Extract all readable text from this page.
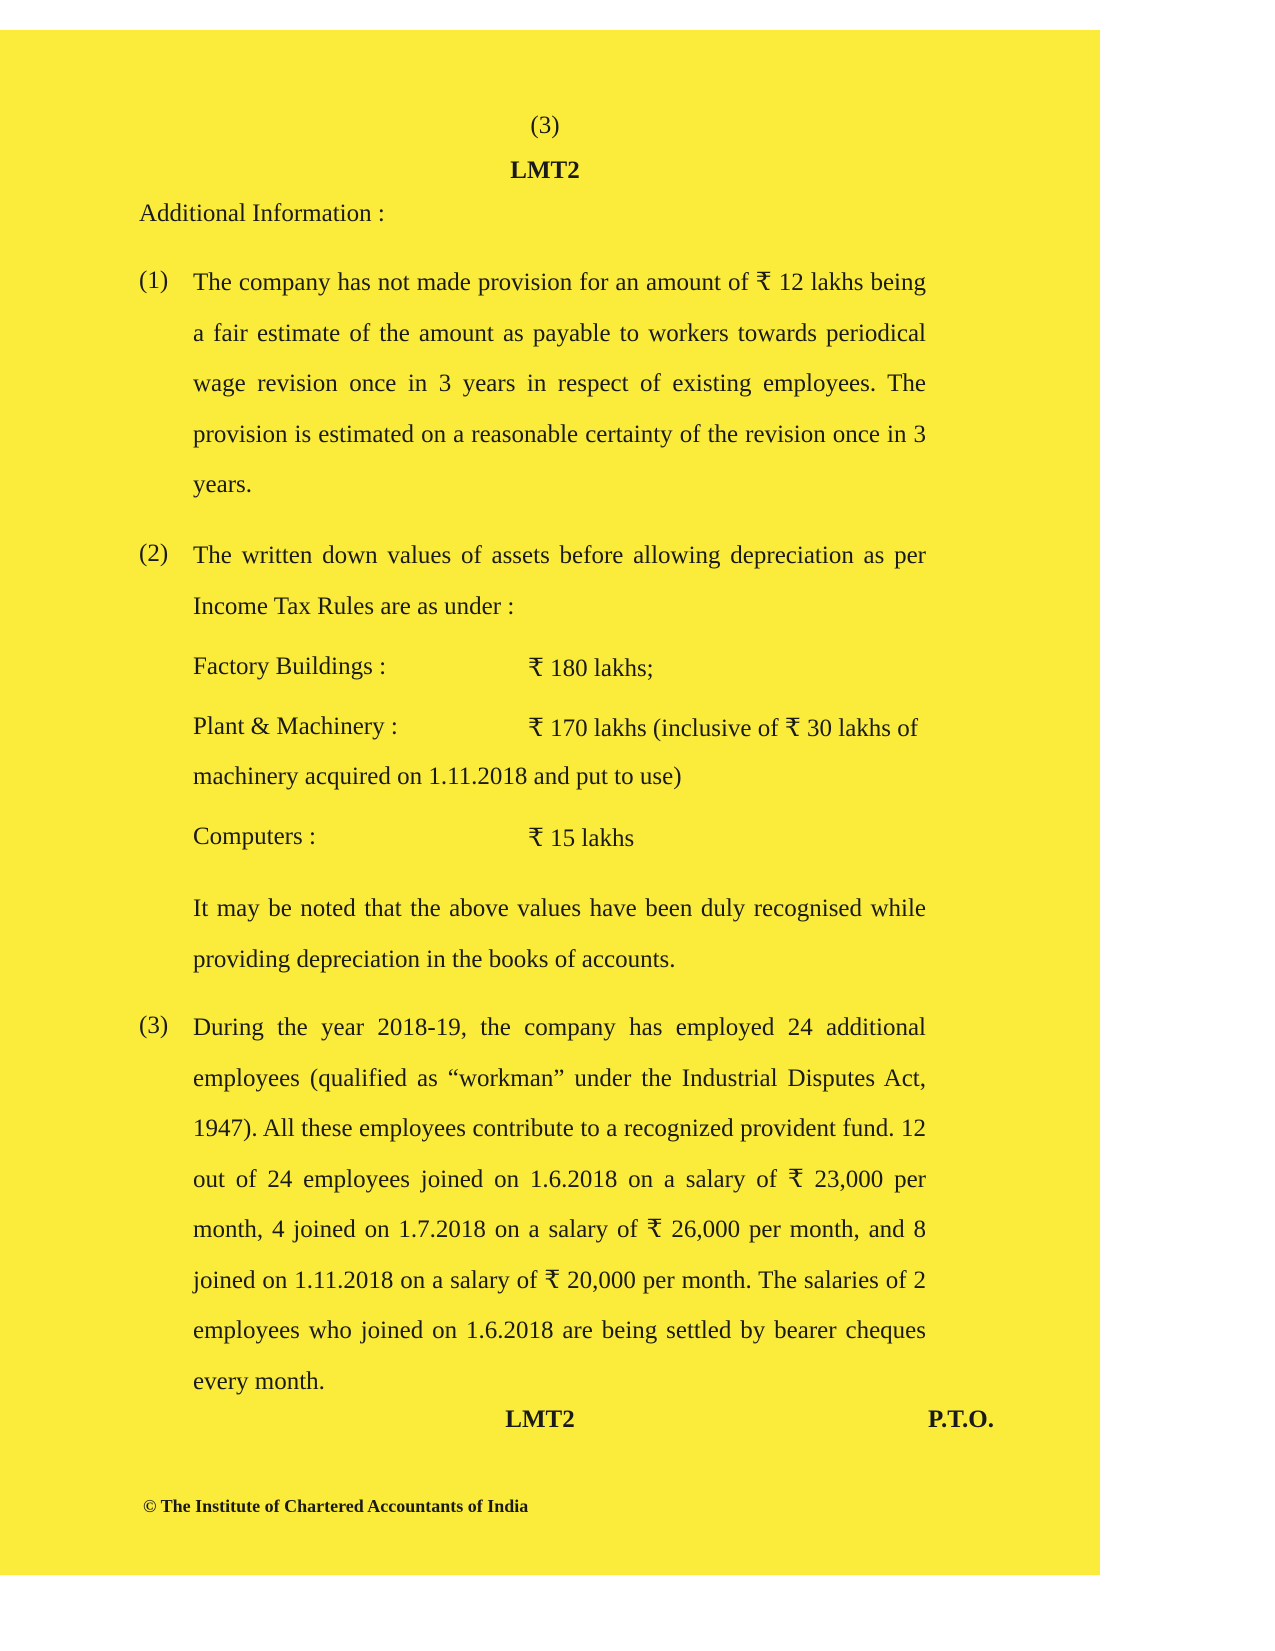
(3)
LMT2
Additional Information :
(1) The company has not made provision for an amount of ₹ 12 lakhs being a fair estimate of the amount as payable to workers towards periodical wage revision once in 3 years in respect of existing employees. The provision is estimated on a reasonable certainty of the revision once in 3 years.
(2) The written down values of assets before allowing depreciation as per Income Tax Rules are as under :
Factory Buildings :	₹ 180 lakhs;
Plant & Machinery :	₹ 170 lakhs (inclusive of ₹ 30 lakhs of
machinery acquired on 1.11.2018 and put to use)
Computers :	₹ 15 lakhs
It may be noted that the above values have been duly recognised while providing depreciation in the books of accounts.
(3) During the year 2018-19, the company has employed 24 additional employees (qualified as “workman” under the Industrial Disputes Act, 1947). All these employees contribute to a recognized provident fund. 12 out of 24 employees joined on 1.6.2018 on a salary of ₹ 23,000 per month, 4 joined on 1.7.2018 on a salary of ₹ 26,000 per month, and 8 joined on 1.11.2018 on a salary of ₹ 20,000 per month. The salaries of 2 employees who joined on 1.6.2018 are being settled by bearer cheques every month.
LMT2	P.T.O.
© The Institute of Chartered Accountants of India
